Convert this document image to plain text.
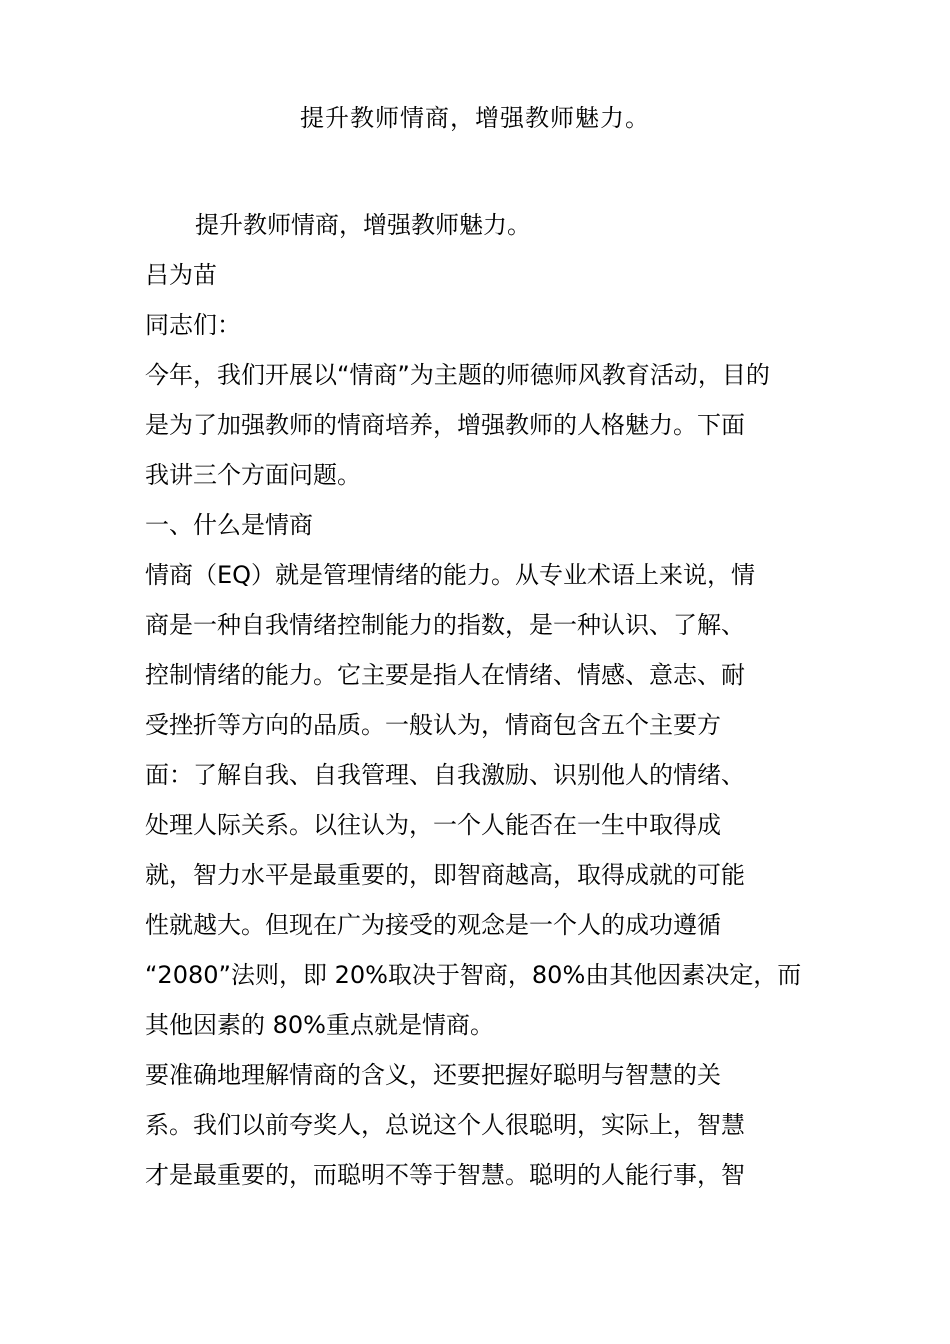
提升教师情商，增强教师魅力。
提升教师情商，增强教师魅力。
吕为苗
同志们：
今年，我们开展以“情商”为主题的师德师风教育活动，目的
是为了加强教师的情商培养，增强教师的人格魅力。下面
我讲三个方面问题。
一、什么是情商
情商（EQ）就是管理情绪的能力。从专业术语上来说，情
商是一种自我情绪控制能力的指数，是一种认识、了解、
控制情绪的能力。它主要是指人在情绪、情感、意志、耐
受挫折等方向的品质。一般认为，情商包含五个主要方
面：了解自我、自我管理、自我激励、识别他人的情绪、
处理人际关系。以往认为，一个人能否在一生中取得成
就，智力水平是最重要的，即智商越高，取得成就的可能
性就越大。但现在广为接受的观念是一个人的成功遵循
“2080”法则，即 20%取决于智商，80%由其他因素决定，而
其他因素的 80%重点就是情商。
要准确地理解情商的含义，还要把握好聪明与智慧的关
系。我们以前夸奖人，总说这个人很聪明，实际上，智慧
才是最重要的，而聪明不等于智慧。聪明的人能行事，智
